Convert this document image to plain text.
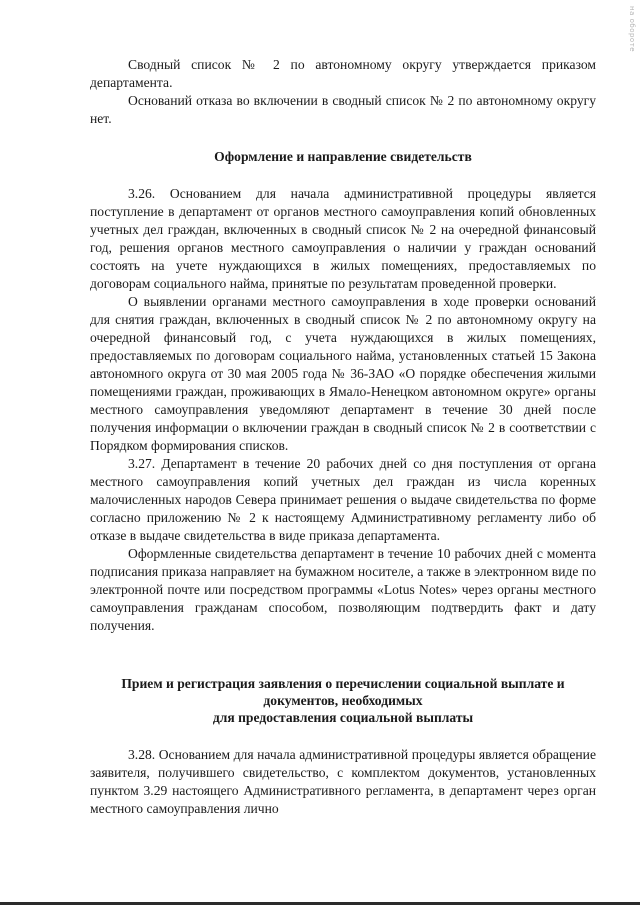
на обороте

Сводный список № 2 по автономному округу утверждается приказом департамента.

Оснований отказа во включении в сводный список № 2 по автономному округу нет.

Оформление и направление свидетельств

3.26. Основанием для начала административной процедуры является поступление в департамент от органов местного самоуправления копий обновленных учетных дел граждан, включенных в сводный список № 2 на очередной финансовый год, решения органов местного самоуправления о наличии у граждан оснований состоять на учете нуждающихся в жилых помещениях, предоставляемых по договорам социального найма, принятые по результатам проведенной проверки.

О выявлении органами местного самоуправления в ходе проверки оснований для снятия граждан, включенных в сводный список № 2 по автономному округу на очередной финансовый год, с учета нуждающихся в жилых помещениях, предоставляемых по договорам социального найма, установленных статьей 15 Закона автономного округа от 30 мая 2005 года № 36-ЗАО «О порядке обеспечения жилыми помещениями граждан, проживающих в Ямало-Ненецком автономном округе» органы местного самоуправления уведомляют департамент в течение 30 дней после получения информации о включении граждан в сводный список № 2 в соответствии с Порядком формирования списков.

3.27. Департамент в течение 20 рабочих дней со дня поступления от органа местного самоуправления копий учетных дел граждан из числа коренных малочисленных народов Севера принимает решения о выдаче свидетельства по форме согласно приложению № 2 к настоящему Административному регламенту либо об отказе в выдаче свидетельства в виде приказа департамента.

Оформленные свидетельства департамент в течение 10 рабочих дней с момента подписания приказа направляет на бумажном носителе, а также в электронном виде по электронной почте или посредством программы «Lotus Notes» через органы местного самоуправления гражданам способом, позволяющим подтвердить факт и дату получения.

Прием и регистрация заявления о перечислении социальной выплате и
документов, необходимых
для предоставления социальной выплаты

3.28. Основанием для начала административной процедуры является обращение заявителя, получившего свидетельство, с комплектом документов, установленных пунктом 3.29 настоящего Административного регламента, в департамент через орган местного самоуправления лично
